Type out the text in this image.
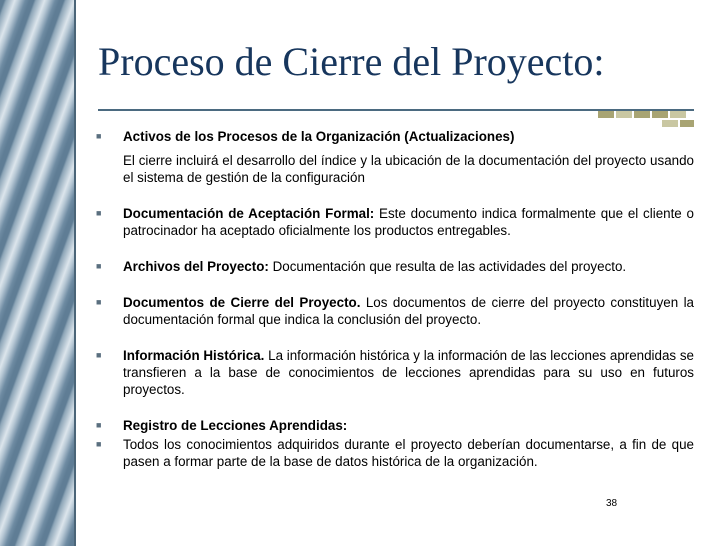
Proceso de Cierre del Proyecto:
■	Activos de los Procesos de la Organización (Actualizaciones)
El cierre incluirá el desarrollo del índice y la ubicación de la documentación del proyecto usando el sistema de gestión de la configuración
■	Documentación de Aceptación Formal: Este documento indica formalmente que el cliente o patrocinador ha aceptado oficialmente los productos entregables.
■	Archivos del Proyecto: Documentación que resulta de las actividades del proyecto.
■	Documentos de Cierre del Proyecto. Los documentos de cierre del proyecto constituyen la documentación formal que indica la conclusión del proyecto.
■	Información Histórica. La información histórica y la información de las lecciones aprendidas se transfieren a la base de conocimientos de lecciones aprendidas para su uso en futuros proyectos.
■	Registro de Lecciones Aprendidas:
■	Todos los conocimientos adquiridos durante el proyecto deberían documentarse, a fin de que pasen a formar parte de la base de datos histórica de la organización.
38
